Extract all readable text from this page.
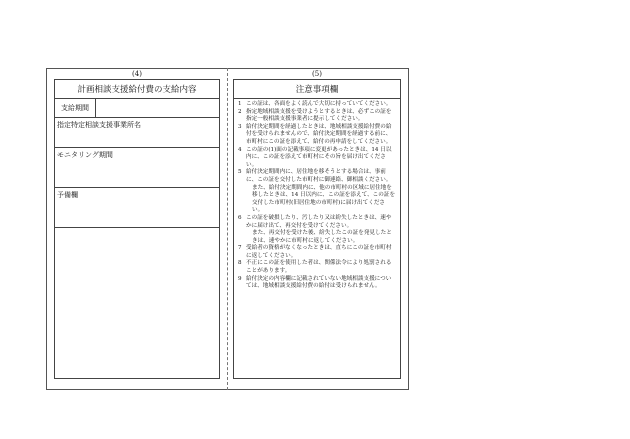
(4)	(5)
計画相談支援給付費の支給内容
支給期間
指定特定相談支援事業所名
モニタリング期間
予備欄
注意事項欄
1 この証は、各面をよく読んで大切に持っていてください。
2 指定地域相談支援を受けようとするときは、必ずこの証を指定一般相談支援事業者に提示してください。
3 給付決定期間を経過したときは、地域相談支援給付費の給付を受けられませんので、給付決定期間を経過する前に、市町村にこの証を添えて、給付の再申請をしてください。
4 この証の(1)面の記載事項に変更があったときは、14 日以内に、この証を添えて市町村にその旨を届け出てください。
5 給付決定期間内に、居住地を移そうとする場合は、事前に、この証を交付した市町村に御連絡、御相談ください。
また、給付決定期間内に、他の市町村の区域に居住地を移したときは、14 日以内に、この証を添えて、この証を交付した市町村(旧居住地の市町村)に届け出てください。
6 この証を破損したり、汚したり又は紛失したときは、速やかに届け出て、再交付を受けてください。
また、再交付を受けた後、紛失したこの証を発見したときは、速やかに市町村に返してください。
7 受給者の資格がなくなったときは、直ちにこの証を市町村に返してください。
8 不正にこの証を使用した者は、関係法令により処罰されることがあります。
9 給付決定の内容欄に記載されていない地域相談支援については、地域相談支援給付費の給付は受けられません。
